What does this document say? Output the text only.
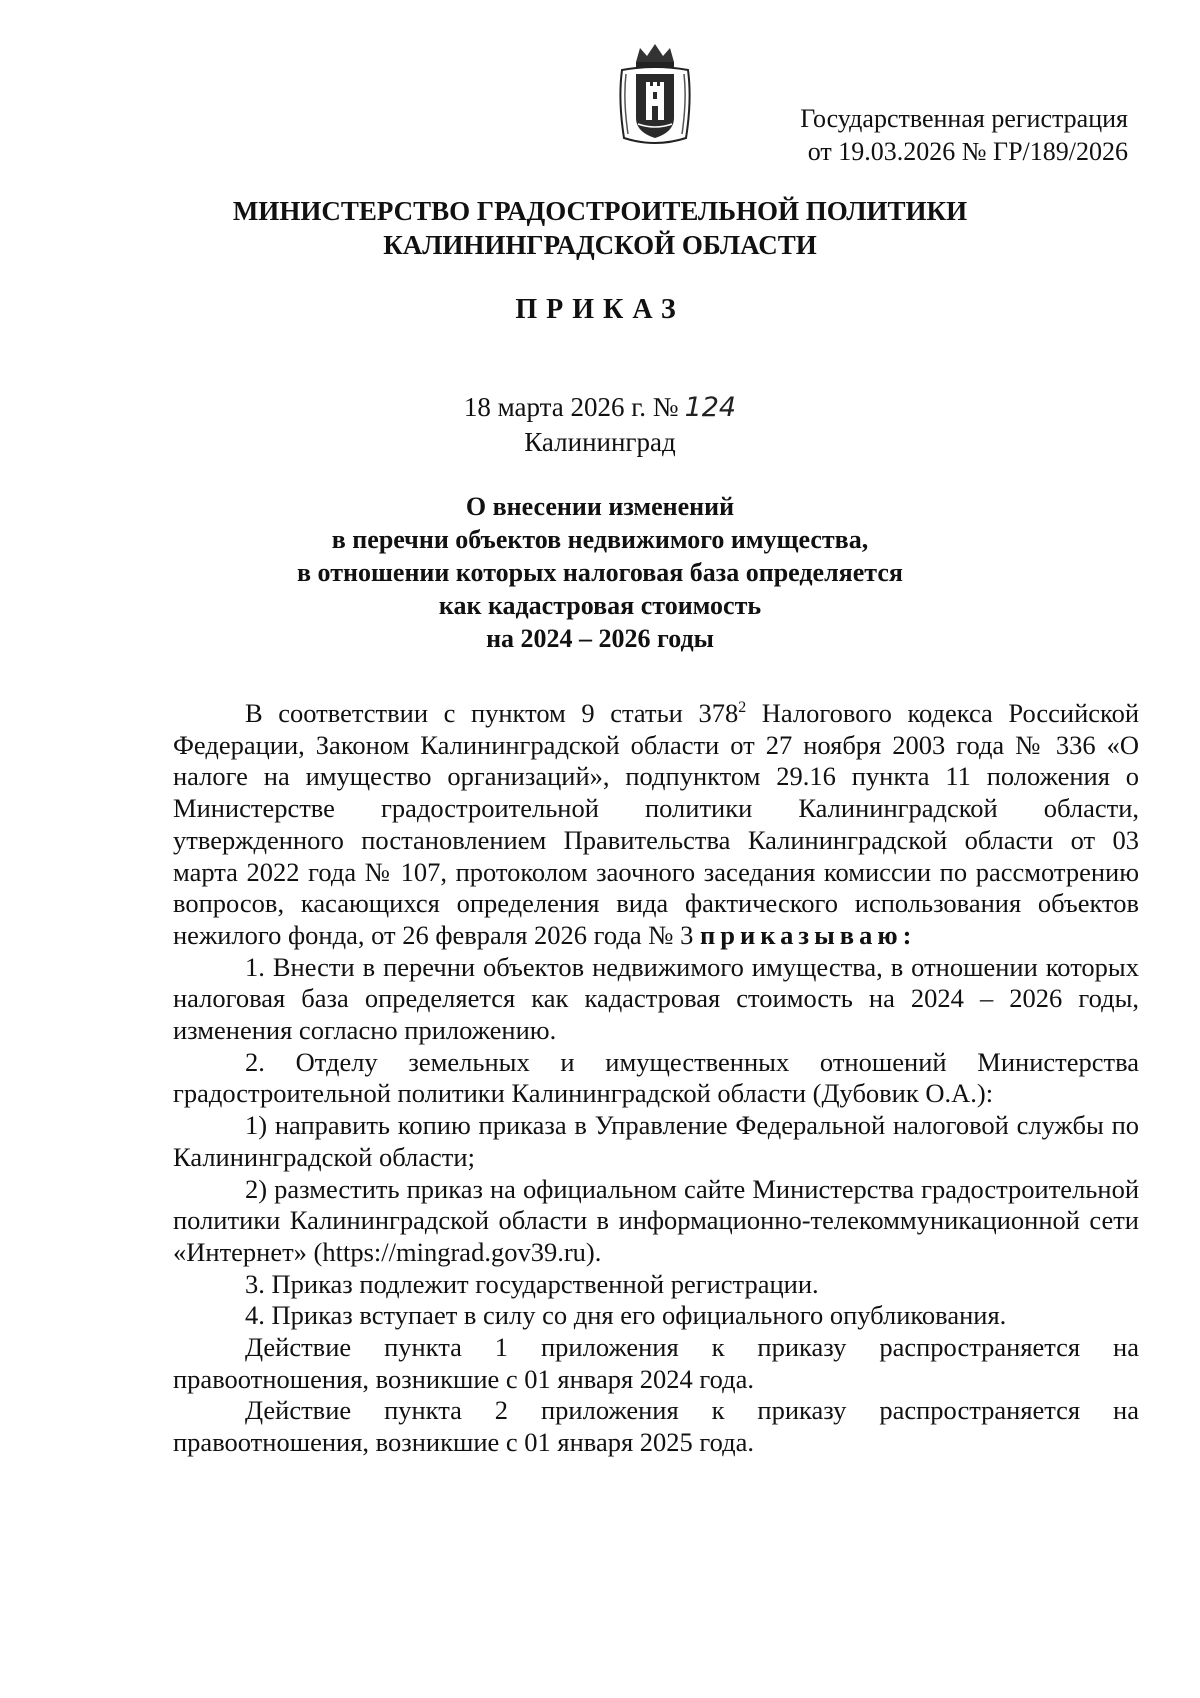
Государственная регистрация
от 19.03.2026 № ГР/189/2026
МИНИСТЕРСТВО ГРАДОСТРОИТЕЛЬНОЙ ПОЛИТИКИ
КАЛИНИНГРАДСКОЙ ОБЛАСТИ
ПРИКАЗ
18 марта 2026 г. № 124
Калининград
О внесении изменений
в перечни объектов недвижимого имущества,
в отношении которых налоговая база определяется
как кадастровая стоимость
на 2024 – 2026 годы

В соответствии с пунктом 9 статьи $378^2$ Налогового кодекса Российской Федерации, Законом Калининградской области от 27 ноября 2003 года № 336 «О налоге на имущество организаций», подпунктом 29.16 пункта 11 положения о Министерстве градостроительной политики Калининградской области, утвержденного постановлением Правительства Калининградской области от 03 марта 2022 года № 107, протоколом заочного заседания комиссии по рассмотрению вопросов, касающихся определения вида фактического использования объектов нежилого фонда, от 26 февраля 2026 года № 3 приказываю:

1. Внести в перечни объектов недвижимого имущества, в отношении которых налоговая база определяется как кадастровая стоимость на 2024 – 2026 годы, изменения согласно приложению.

2. Отделу земельных и имущественных отношений Министерства градостроительной политики Калининградской области (Дубовик О.А.):

1) направить копию приказа в Управление Федеральной налоговой службы по Калининградской области;

2) разместить приказ на официальном сайте Министерства градостроительной политики Калининградской области в информационно-телекоммуникационной сети «Интернет» (https://mingrad.gov39.ru).

3. Приказ подлежит государственной регистрации.

4. Приказ вступает в силу со дня его официального опубликования.

Действие пункта 1 приложения к приказу распространяется на правоотношения, возникшие с 01 января 2024 года.

Действие пункта 2 приложения к приказу распространяется на правоотношения, возникшие с 01 января 2025 года.
